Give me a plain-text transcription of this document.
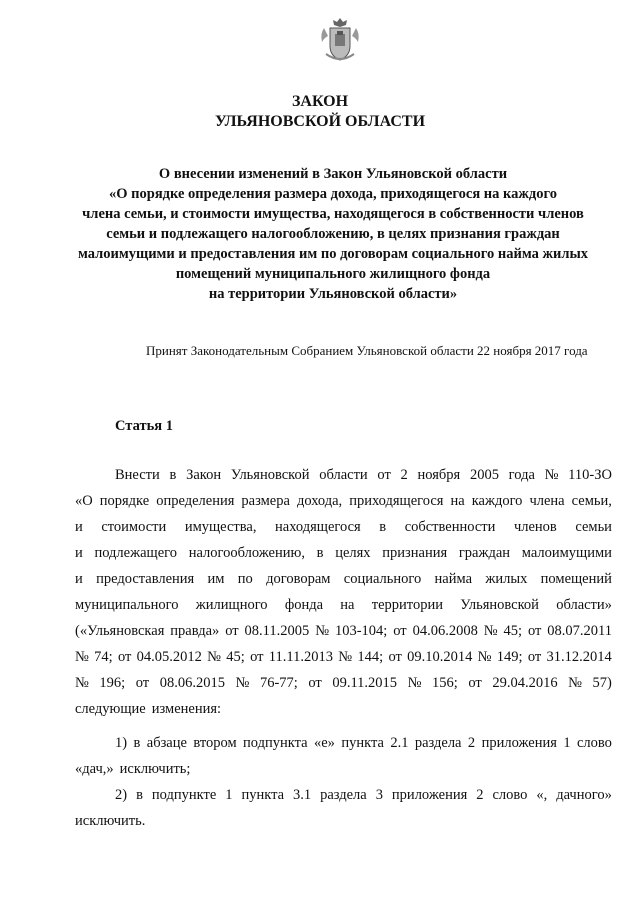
ЗАКОН
УЛЬЯНОВСКОЙ ОБЛАСТИ
О внесении изменений в Закон Ульяновской области
«О порядке определения размера дохода, приходящегося на каждого
члена семьи, и стоимости имущества, находящегося в собственности членов
семьи и подлежащего налогообложению, в целях признания граждан
малоимущими и предоставления им по договорам социального найма жилых
помещений муниципального жилищного фонда
на территории Ульяновской области»
Принят Законодательным Собранием Ульяновской области 22 ноября 2017 года
Статья 1
Внести в Закон Ульяновской области от 2 ноября 2005 года № 110-ЗО
«О порядке определения размера дохода, приходящегося на каждого члена семьи,
и стоимости имущества, находящегося в собственности членов семьи
и подлежащего налогообложению, в целях признания граждан малоимущими
и предоставления им по договорам социального найма жилых помещений
муниципального жилищного фонда на территории Ульяновской области»
(«Ульяновская правда» от 08.11.2005 № 103-104; от 04.06.2008 № 45; от 08.07.2011
№ 74; от 04.05.2012 № 45; от 11.11.2013 № 144; от 09.10.2014 № 149; от 31.12.2014
№ 196; от 08.06.2015 № 76-77; от 09.11.2015 № 156; от 29.04.2016 № 57)
следующие изменения:
1) в абзаце втором подпункта «е» пункта 2.1 раздела 2 приложения 1 слово
«дач,» исключить;
2) в подпункте 1 пункта 3.1 раздела 3 приложения 2 слово «, дачного»
исключить.
